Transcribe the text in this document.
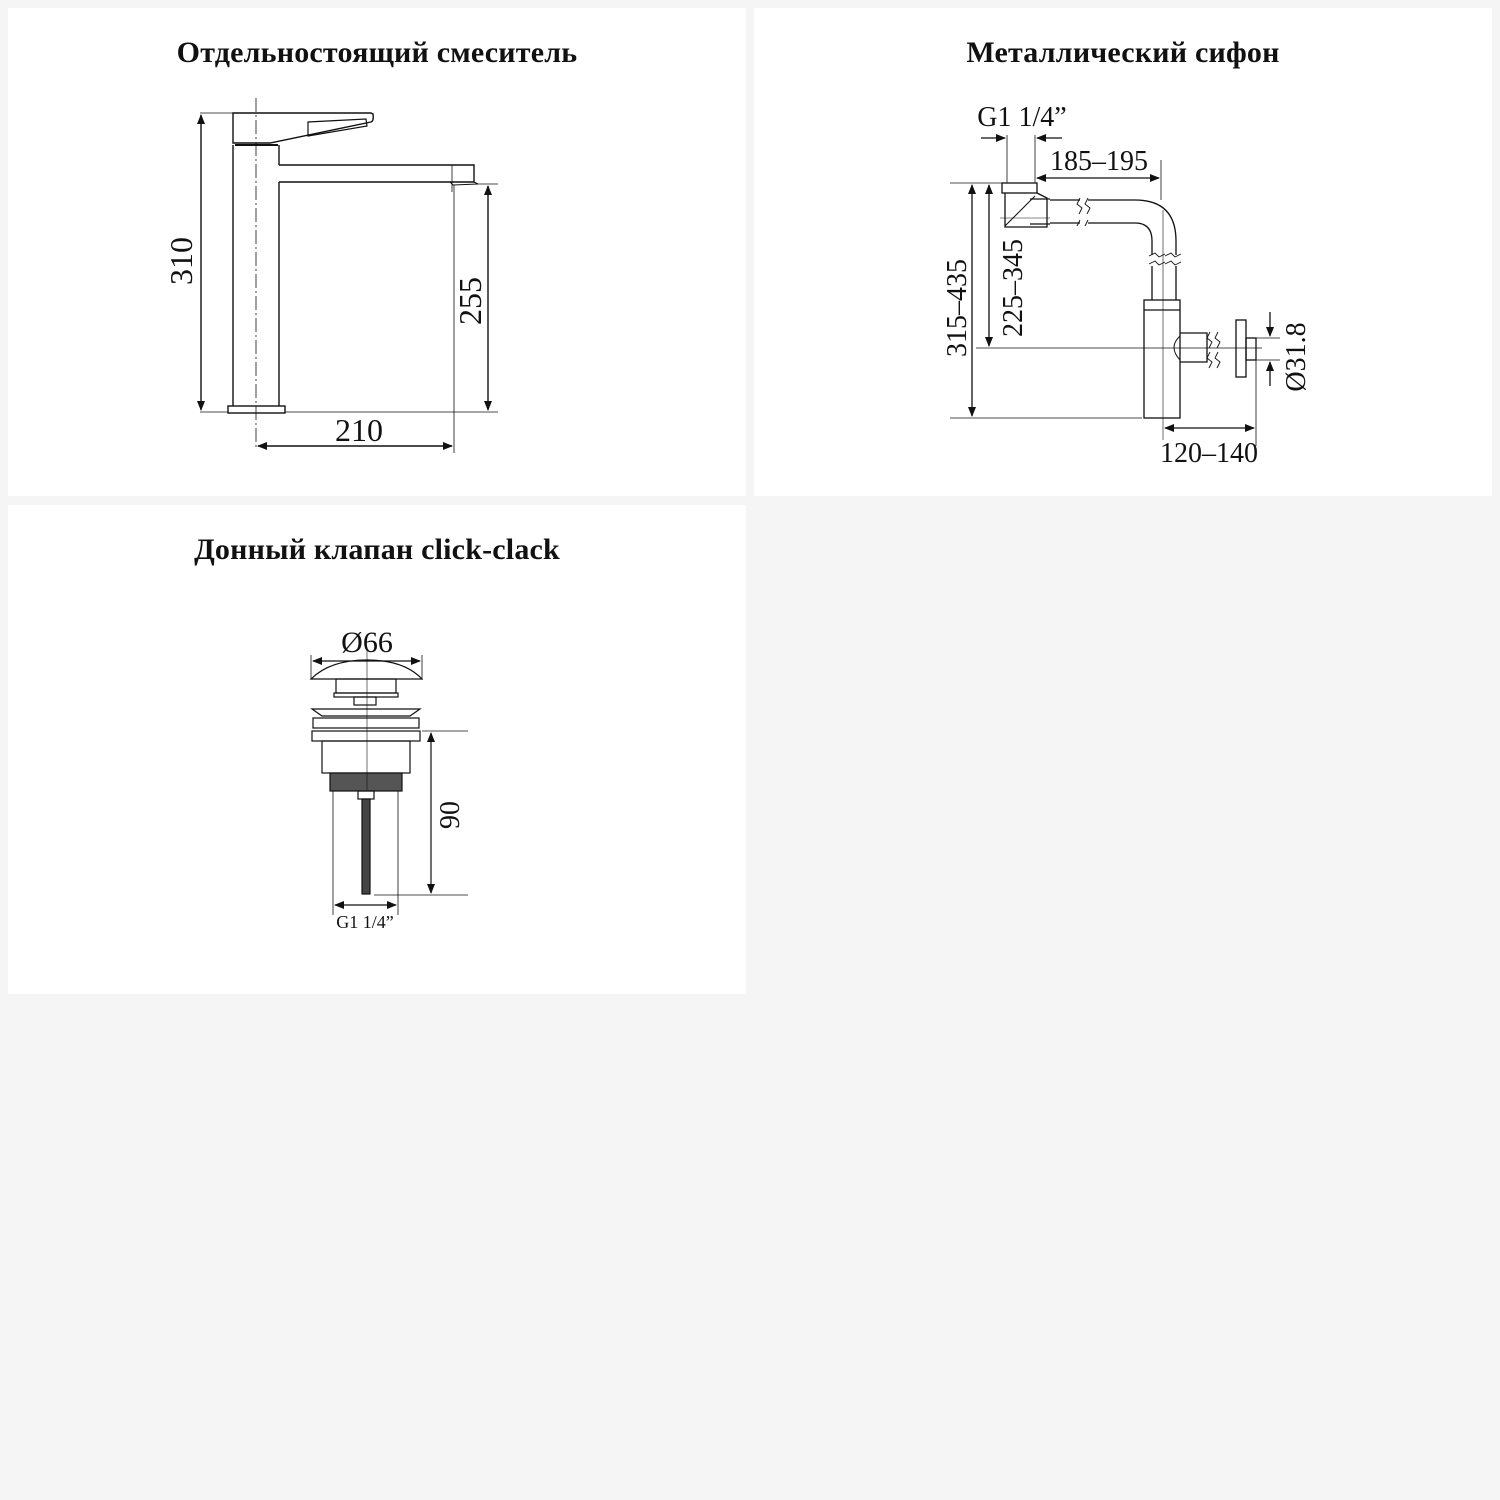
Отдельностоящий смеситель
310
255
210
Металлический сифон
G1 1/4”
185–195
315–435 225–345
Ø31.8
120–140
Донный клапан click-clack
Ø66
90
G1 1/4”
